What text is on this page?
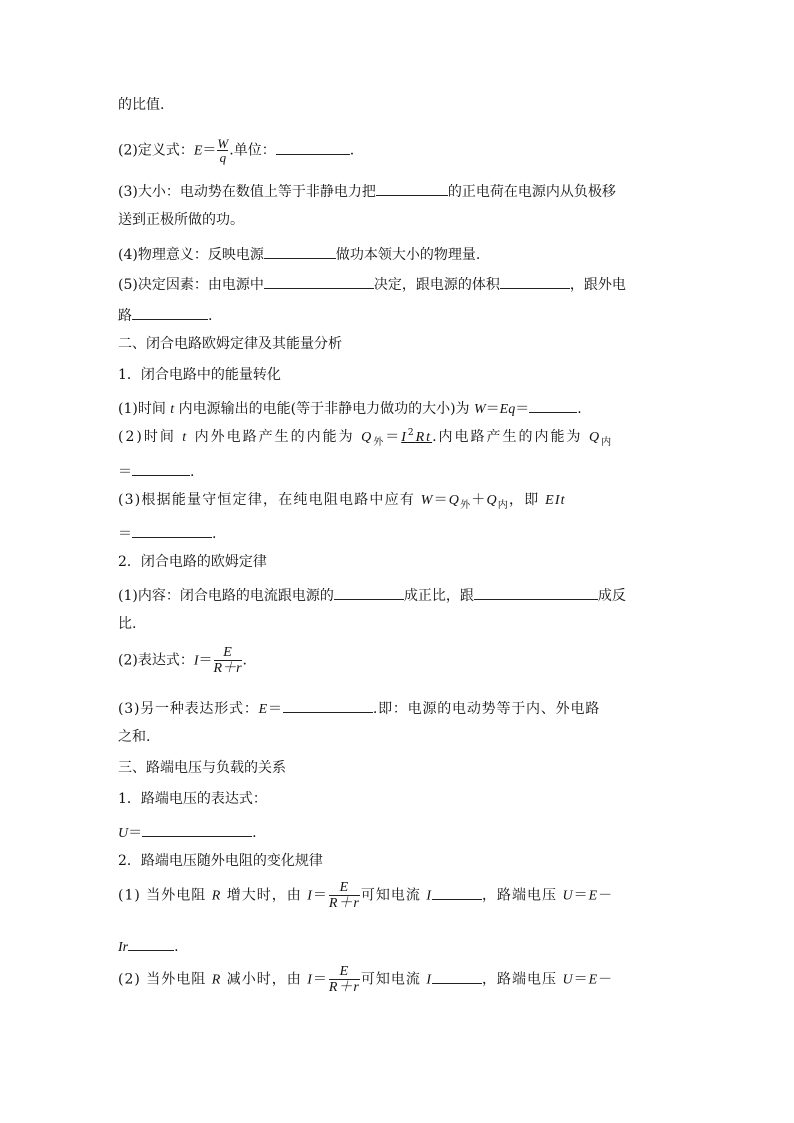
的比值.
(2)定义式：$E= \frac{W}{q}$ .单位：	.
(3)大小：电动势在数值上等于非静电力把	的正电荷在电源内从负极移
送到正极所做的功。
(4)物理意义：反映电源	做功本领大小的物理量.
(5)决定因素：由电源中	决定，跟电源的体积	，跟外电
路	.
二、闭合电路欧姆定律及其能量分析
1．闭合电路中的能量转化
(1)时间 t 内电源输出的电能(等于非静电力做功的大小)为 W＝Eq＝	.
(2)时间 t 内外电路产生的内能为 $Q_外=I^2Rt$.内电路产生的内能为 $Q_内$
＝	.
(3)根据能量守恒定律，在纯电阻电路中应有 $W=Q_外+Q_内$，即 EIt
＝	.
2．闭合电路的欧姆定律
(1)内容：闭合电路的电流跟电源的	成正比，跟	成反
比.
(2)表达式：$I= \frac{E}{R+r}$ .
(3)另一种表达形式：E＝	.即：电源的电动势等于内、外电路
之和.
三、路端电压与负载的关系
1．路端电压的表达式：
U＝	.
2．路端电压随外电阻的变化规律
(1) 当外电阻 R 增大时，由 $I= \frac{E}{R+r}$ 可知电流 I	，路端电压 U＝E－
Ir	.
(2) 当外电阻 R 减小时，由 $I= \frac{E}{R+r}$ 可知电流 I	，路端电压 U＝E－
